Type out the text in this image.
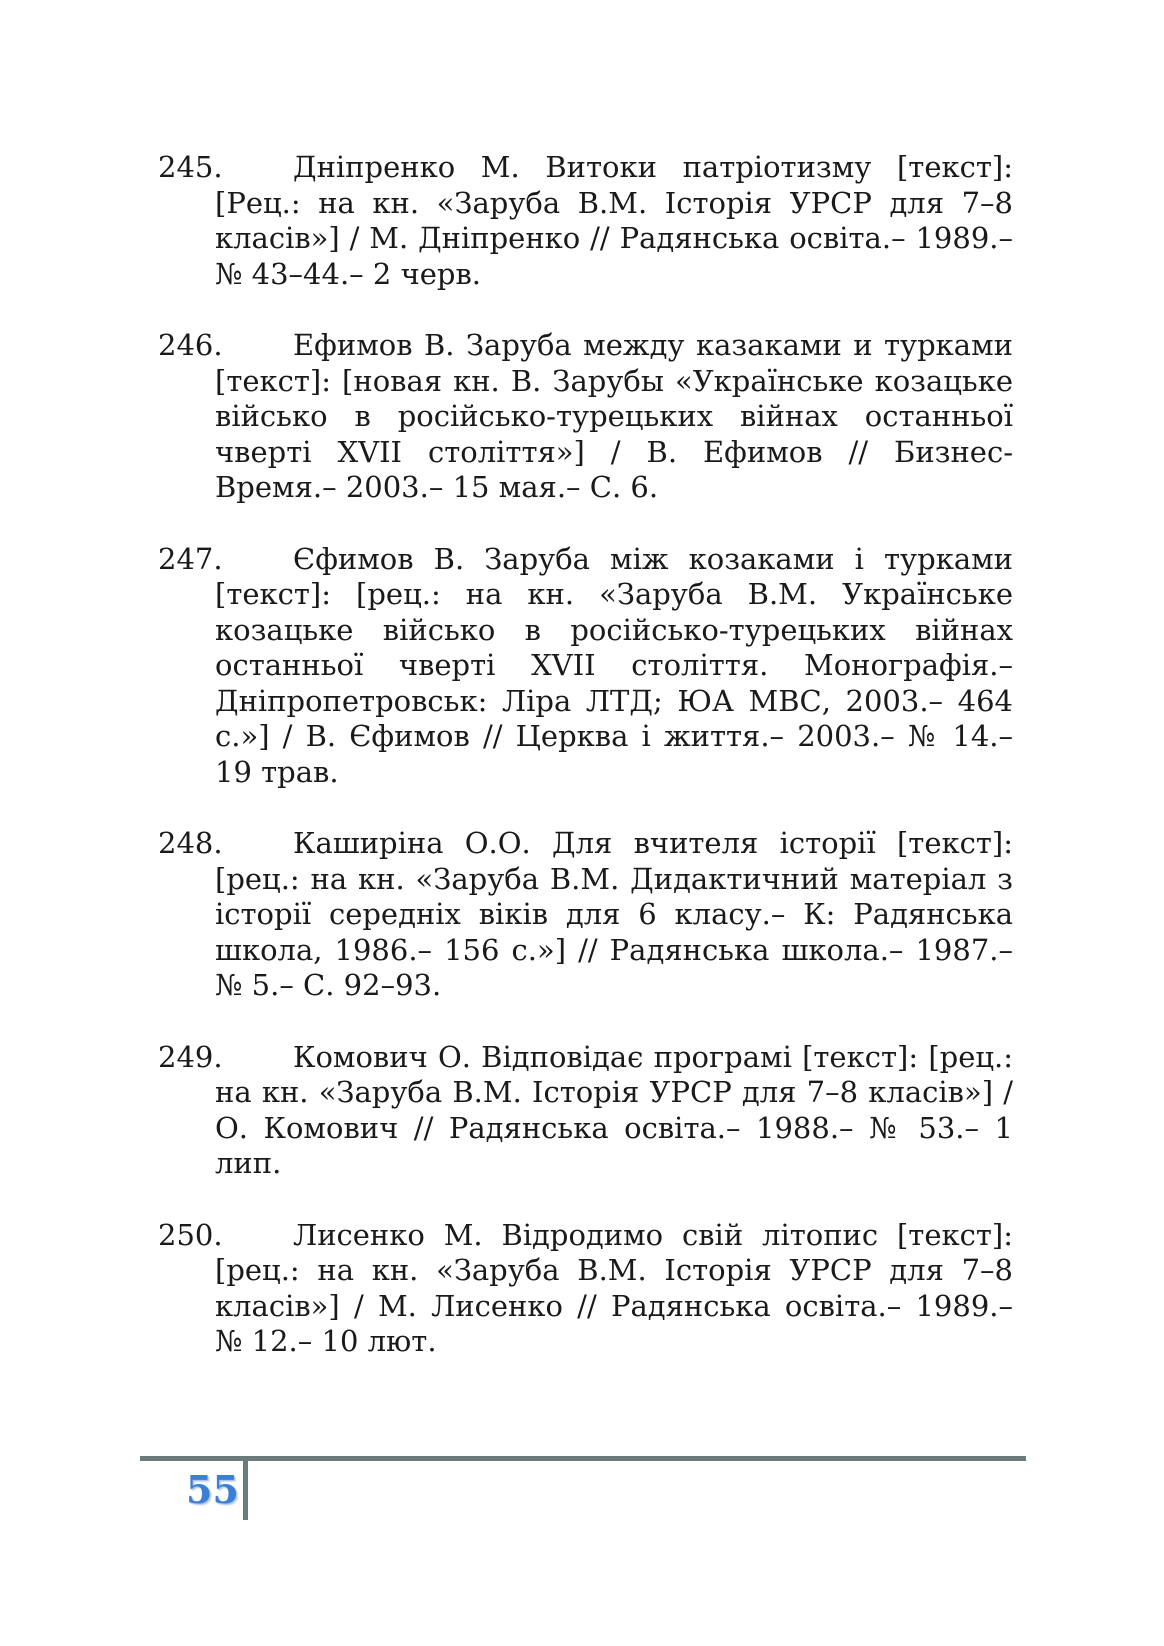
245. Дніпренко М. Витоки патріотизму [текст]: [Рец.: на кн. «Заруба В.М. Історія УРСР для 7–8 класів»] / М. Дніпренко // Радянська освіта.– 1989.– № 43–44.– 2 черв.
246. Ефимов В. Заруба между казаками и турками [текст]: [новая кн. В. Зарубы «Українське козацьке військо в російсько-турецьких війнах останньої чверті XVII століття»] / В. Ефимов // Бизнес-Время.– 2003.– 15 мая.– С. 6.
247. Єфимов В. Заруба між козаками і турками [текст]: [рец.: на кн. «Заруба В.М. Українське козацьке військо в російсько-турецьких війнах останньої чверті XVII століття. Монографія.– Дніпропетровськ: Ліра ЛТД; ЮА МВС, 2003.– 464 с.»] / В. Єфимов // Церква і життя.– 2003.– № 14.– 19 трав.
248. Каширіна О.О. Для вчителя історії [текст]: [рец.: на кн. «Заруба В.М. Дидактичний матеріал з історії середніх віків для 6 класу.– К: Радянська школа, 1986.– 156 с.»] // Радянська школа.– 1987.– № 5.– С. 92–93.
249. Комович О. Відповідає програмі [текст]: [рец.: на кн. «Заруба В.М. Історія УРСР для 7–8 класів»] / О. Комович // Радянська освіта.– 1988.– № 53.– 1 лип.
250. Лисенко М. Відродимо свій літопис [текст]: [рец.: на кн. «Заруба В.М. Історія УРСР для 7–8 класів»] / М. Лисенко // Радянська освіта.– 1989.– № 12.– 10 лют.
55
